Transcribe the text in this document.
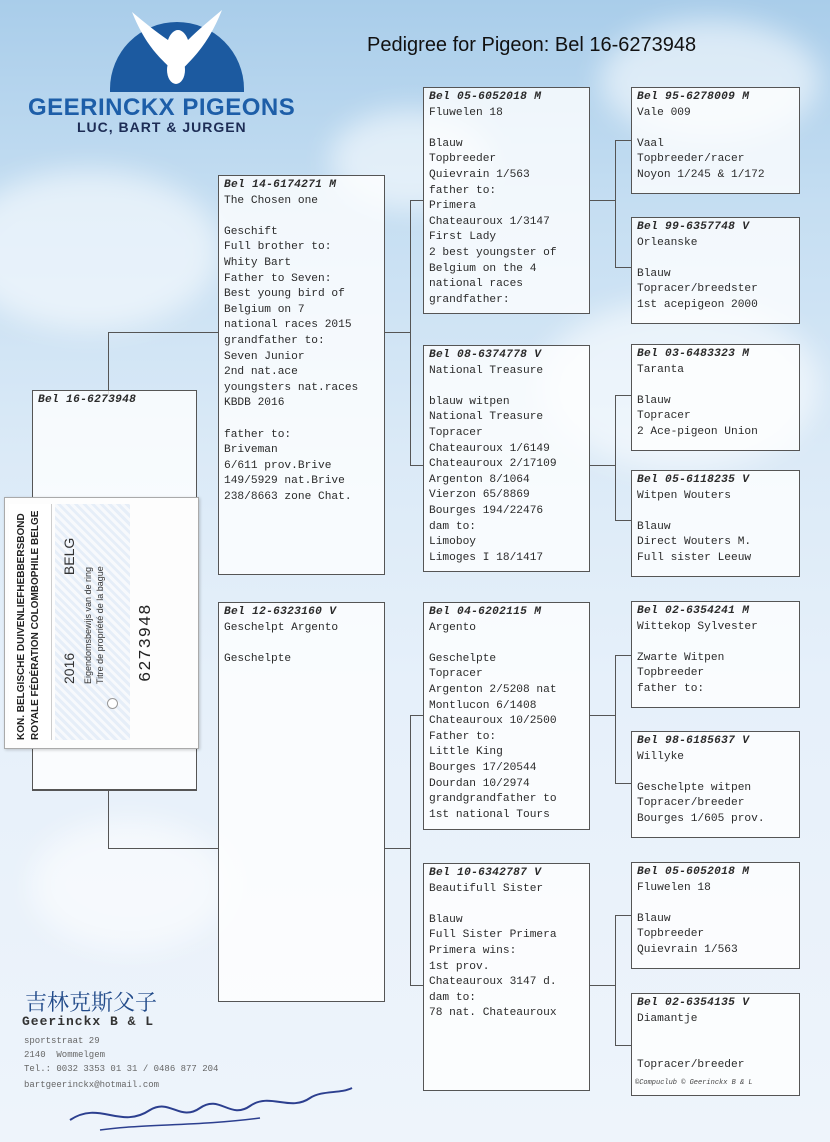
GEERINCKX PIGEONS
LUC, BART & JURGEN
Pedigree for Pigeon: Bel 16-6273948
Bel 16-6273948
KON. BELGISCHE DUIVENLIEFHEBBERSBOND ROYALE FÉDÉRATION COLOMBOPHILE BELGE	2016  BELG
Eigendomsbewijs van de ring Titre de propriété de la bague 6273948
Bel 14-6174271 M
The Chosen one

Geschift
Full brother to:
Whity Bart
Father to Seven:
Best young bird of
Belgium on 7
national races 2015
grandfather to:
Seven Junior
2nd nat.ace
youngsters nat.races
KBDB 2016

father to:
Briveman
6/611 prov.Brive
149/5929 nat.Brive
238/8663 zone Chat.
Bel 12-6323160 V
Geschelpt Argento

Geschelpte
Bel 05-6052018 M
Fluwelen 18

Blauw
Topbreeder
Quievrain 1/563
father to:
Primera
Chateauroux 1/3147
First Lady
2 best youngster of
Belgium on the 4
national races
grandfather:
Bel 08-6374778 V
National Treasure

blauw witpen
National Treasure
Topracer
Chateauroux 1/6149
Chateauroux 2/17109
Argenton 8/1064
Vierzon 65/8869
Bourges 194/22476
dam to:
Limoboy
Limoges I 18/1417
Bel 04-6202115 M
Argento

Geschelpte
Topracer
Argenton 2/5208 nat
Montlucon 6/1408
Chateauroux 10/2500
Father to:
Little King
Bourges 17/20544
Dourdan 10/2974
grandgrandfather to
1st national Tours
Bel 10-6342787 V
Beautifull Sister

Blauw
Full Sister Primera
Primera wins:
1st prov.
Chateauroux 3147 d.
dam to:
78 nat. Chateauroux
Bel 95-6278009 M
Vale 009

Vaal
Topbreeder/racer
Noyon 1/245 & 1/172
Bel 99-6357748 V
Orleanske

Blauw
Topracer/breedster
1st acepigeon 2000
Bel 03-6483323 M
Taranta

Blauw
Topracer
2 Ace-pigeon Union
Bel 05-6118235 V
Witpen Wouters

Blauw
Direct Wouters M.
Full sister Leeuw
Bel 02-6354241 M
Wittekop Sylvester

Zwarte Witpen
Topbreeder
father to:
Bel 98-6185637 V
Willyke

Geschelpte witpen
Topracer/breeder
Bourges 1/605 prov.
Bel 05-6052018 M
Fluwelen 18

Blauw
Topbreeder
Quievrain 1/563
Bel 02-6354135 V
Diamantje

Topracer/breeder
©Compuclub © Geerinckx B & L
吉林克斯父子
Geerinckx B & L
sportstraat 29
2140  Wommelgem
Tel.: 0032 3353 01 31 / 0486 877 204
bartgeerinckx@hotmail.com
